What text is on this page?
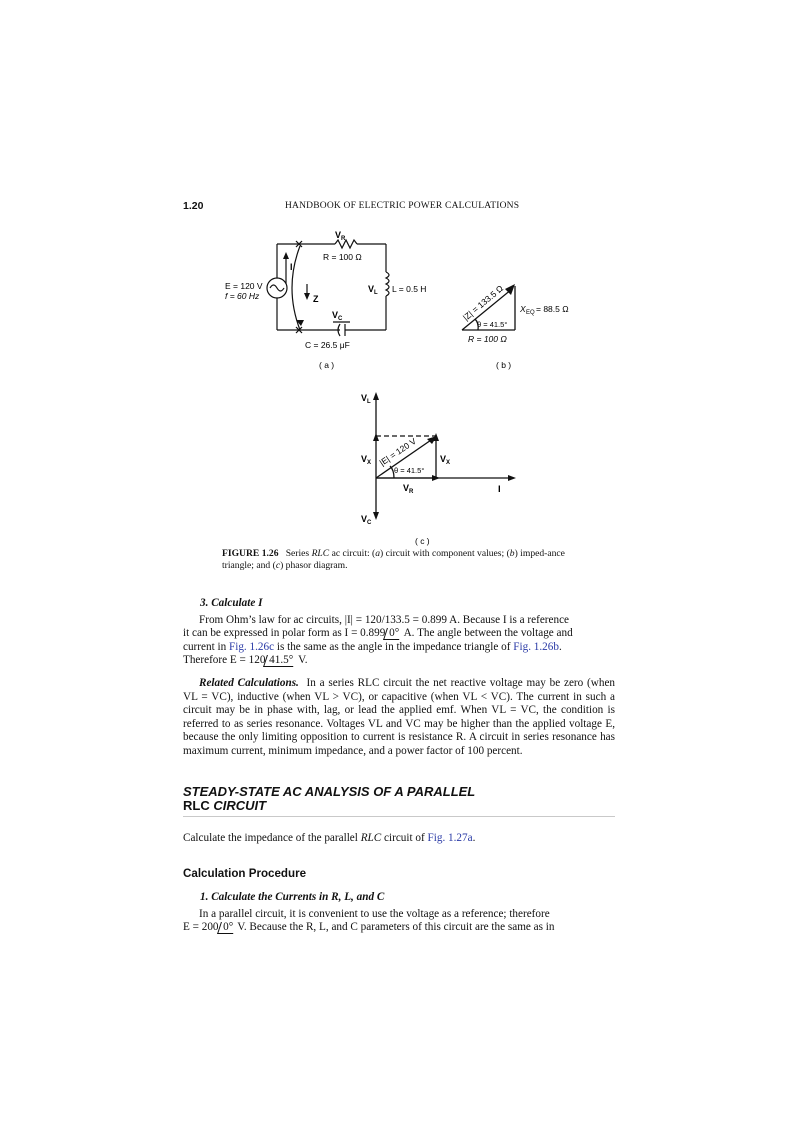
1.20	HANDBOOK OF ELECTRIC POWER CALCULATIONS
V R
R = 100 Ω
E = 120 V
f = 60 Hz
I
Z
V L L = 0.5 H
V C
C = 26.5 μF
( a )
|Z| = 133.5 Ω
θ = 41.5°
X EQ = 88.5 Ω
R = 100 Ω
( b )
V L
V X	V X
|E| = 120 V
θ = 41.5°
V R	I
V C
( c )
FIGURE 1.26 Series RLC ac circuit: (a) circuit with component values; (b) imped-ance triangle; and (c) phasor diagram.

3. Calculate I

From Ohm’s law for ac circuits, |I| = 120/133.5 = 0.899 A. Because I is a reference

it can be expressed in polar form as I = 0.899 0° A. The angle between the voltage and

current in Fig. 1.26c is the same as the angle in the impedance triangle of Fig. 1.26b.

Therefore E = 120 41.5° V.

Related Calculations. In a series RLC circuit the net reactive voltage may be zero (when VL = VC), inductive (when VL > VC), or capacitive (when VL < VC). The current in such a circuit may be in phase with, lag, or lead the applied emf. When VL = VC, the condition is referred to as series resonance. Voltages VL and VC may be higher than the applied voltage E, because the only limiting opposition to current is resistance R. A circuit in series resonance has maximum current, minimum impedance, and a power factor of 100 percent.

STEADY-STATE AC ANALYSIS OF A PARALLEL
RLC CIRCUIT
Calculate the impedance of the parallel RLC circuit of Fig. 1.27a.
Calculation Procedure

1. Calculate the Currents in R, L, and C

In a parallel circuit, it is convenient to use the voltage as a reference; therefore

E = 200 0° V. Because the R, L, and C parameters of this circuit are the same as in
